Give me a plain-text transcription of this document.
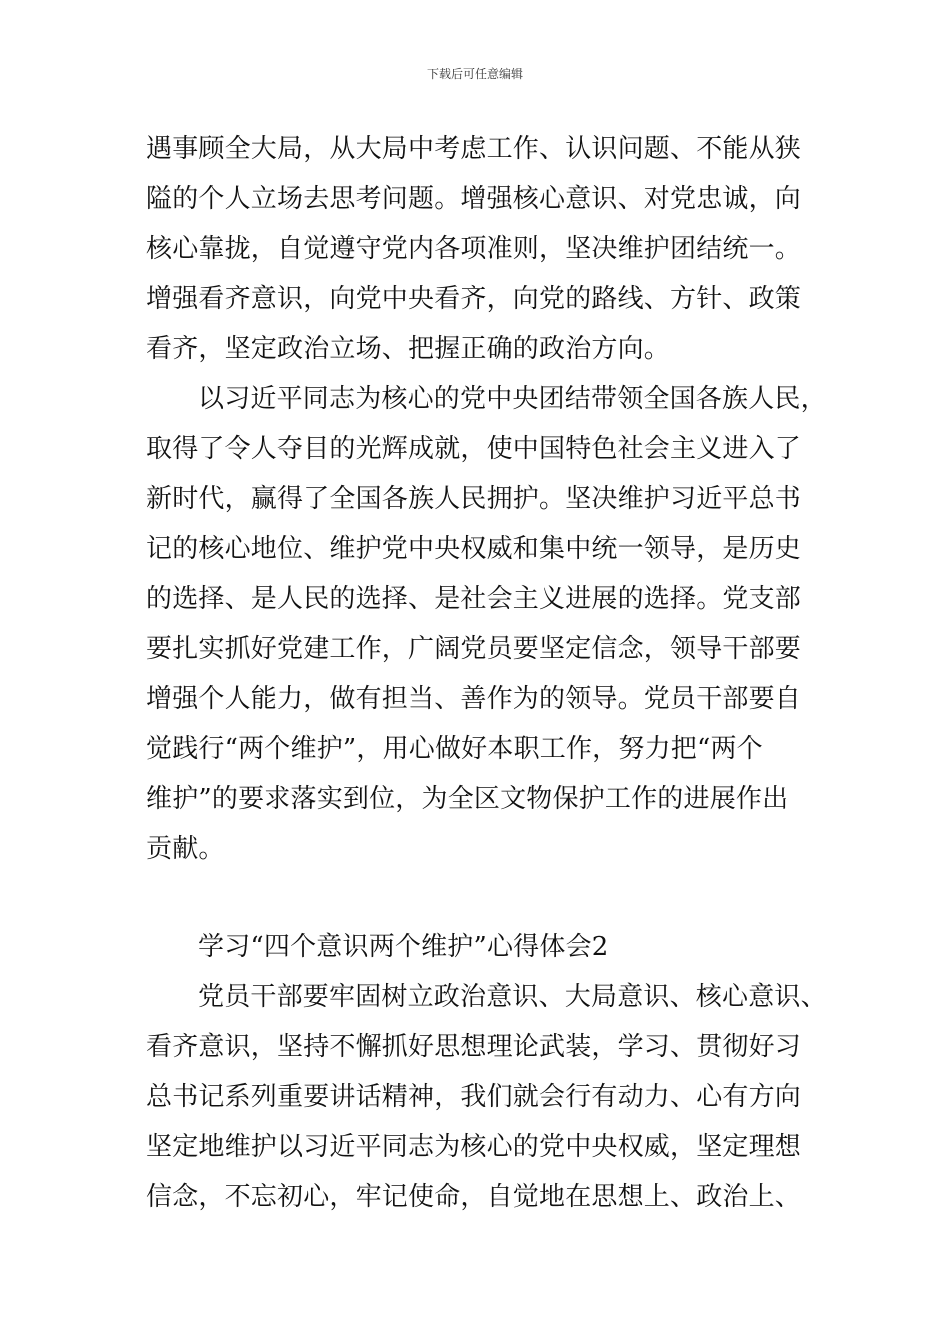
下载后可任意编辑
遇事顾全大局，从大局中考虑工作、认识问题、不能从狭
隘的个人立场去思考问题。增强核心意识、对党忠诚，向
核心靠拢，自觉遵守党内各项准则，坚决维护团结统一。
增强看齐意识，向党中央看齐，向党的路线、方针、政策
看齐，坚定政治立场、把握正确的政治方向。
以习近平同志为核心的党中央团结带领全国各族人民，
取得了令人夺目的光辉成就，使中国特色社会主义进入了
新时代，赢得了全国各族人民拥护。坚决维护习近平总书
记的核心地位、维护党中央权威和集中统一领导，是历史
的选择、是人民的选择、是社会主义进展的选择。党支部
要扎实抓好党建工作，广阔党员要坚定信念，领导干部要
增强个人能力，做有担当、善作为的领导。党员干部要自
觉践行“两个维护”，用心做好本职工作，努力把“两个
维护”的要求落实到位，为全区文物保护工作的进展作出
贡献。
学习“四个意识两个维护”心得体会2
党员干部要牢固树立政治意识、大局意识、核心意识、
看齐意识，坚持不懈抓好思想理论武装，学习、贯彻好习
总书记系列重要讲话精神，我们就会行有动力、心有方向
坚定地维护以习近平同志为核心的党中央权威，坚定理想
信念，不忘初心，牢记使命，自觉地在思想上、政治上、
